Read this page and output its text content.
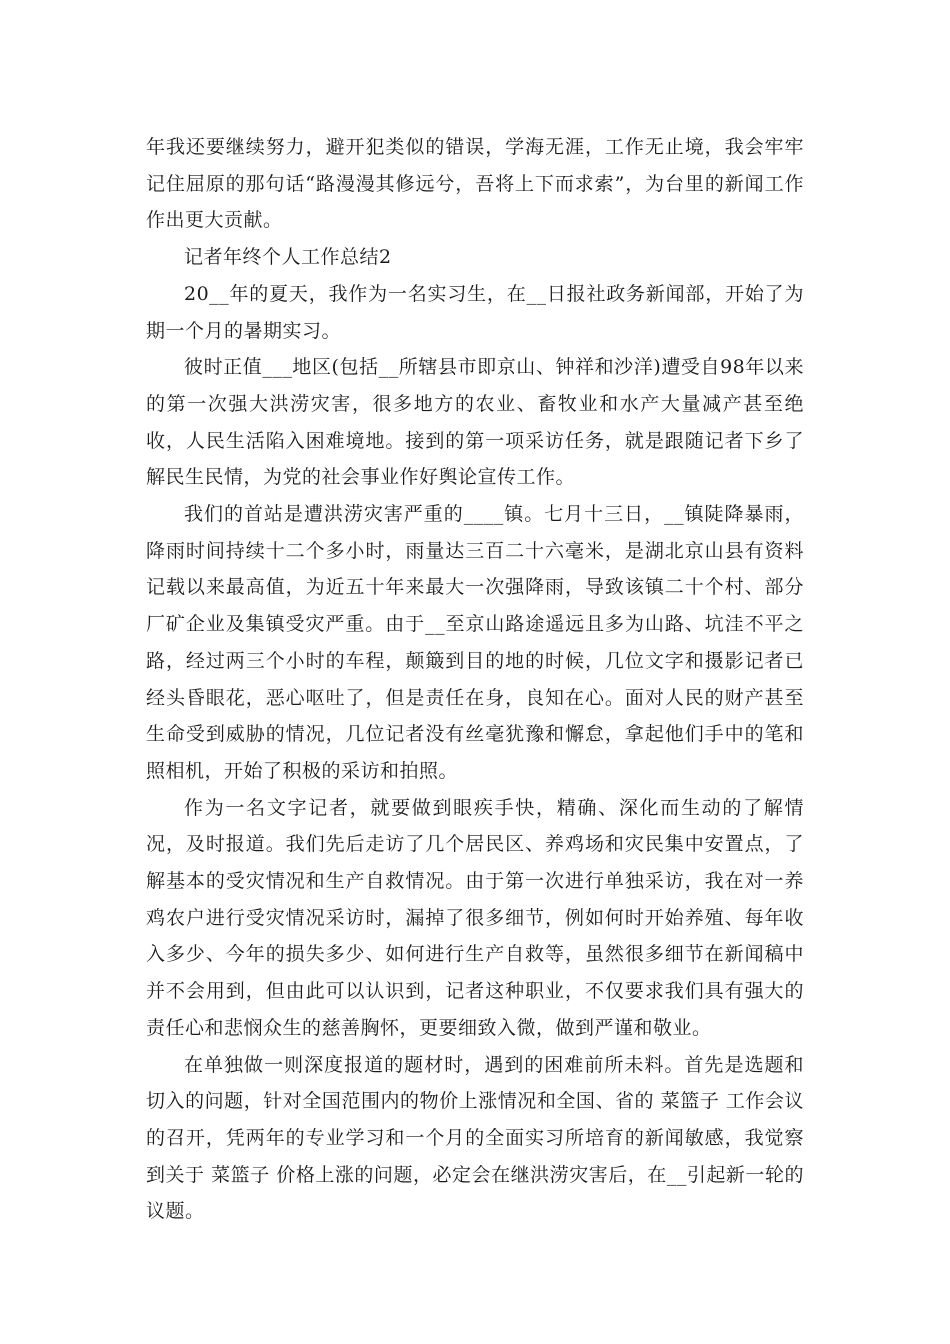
年我还要继续努力，避开犯类似的错误，学海无涯，工作无止境，我会牢牢记住屈原的那句话“路漫漫其修远兮，吾将上下而求索”，为台里的新闻工作作出更大贡献。

记者年终个人工作总结2

20__年的夏天，我作为一名实习生，在__日报社政务新闻部，开始了为期一个月的暑期实习。

彼时正值___地区(包括__所辖县市即京山、钟祥和沙洋)遭受自98年以来的第一次强大洪涝灾害，很多地方的农业、畜牧业和水产大量减产甚至绝收，人民生活陷入困难境地。接到的第一项采访任务，就是跟随记者下乡了解民生民情，为党的社会事业作好舆论宣传工作。

我们的首站是遭洪涝灾害严重的____镇。七月十三日，__镇陡降暴雨，降雨时间持续十二个多小时，雨量达三百二十六毫米，是湖北京山县有资料记载以来最高值，为近五十年来最大一次强降雨，导致该镇二十个村、部分厂矿企业及集镇受灾严重。由于__至京山路途遥远且多为山路、坑洼不平之路，经过两三个小时的车程，颠簸到目的地的时候，几位文字和摄影记者已经头昏眼花，恶心呕吐了，但是责任在身，良知在心。面对人民的财产甚至生命受到威胁的情况，几位记者没有丝毫犹豫和懈怠，拿起他们手中的笔和照相机，开始了积极的采访和拍照。

作为一名文字记者，就要做到眼疾手快，精确、深化而生动的了解情况，及时报道。我们先后走访了几个居民区、养鸡场和灾民集中安置点，了解基本的受灾情况和生产自救情况。由于第一次进行单独采访，我在对一养鸡农户进行受灾情况采访时，漏掉了很多细节，例如何时开始养殖、每年收入多少、今年的损失多少、如何进行生产自救等，虽然很多细节在新闻稿中并不会用到，但由此可以认识到，记者这种职业，不仅要求我们具有强大的责任心和悲悯众生的慈善胸怀，更要细致入微，做到严谨和敬业。

在单独做一则深度报道的题材时，遇到的困难前所未料。首先是选题和切入的问题，针对全国范围内的物价上涨情况和全国、省的 菜篮子 工作会议的召开，凭两年的专业学习和一个月的全面实习所培育的新闻敏感，我觉察到关于 菜篮子 价格上涨的问题，必定会在继洪涝灾害后，在__引起新一轮的议题。
